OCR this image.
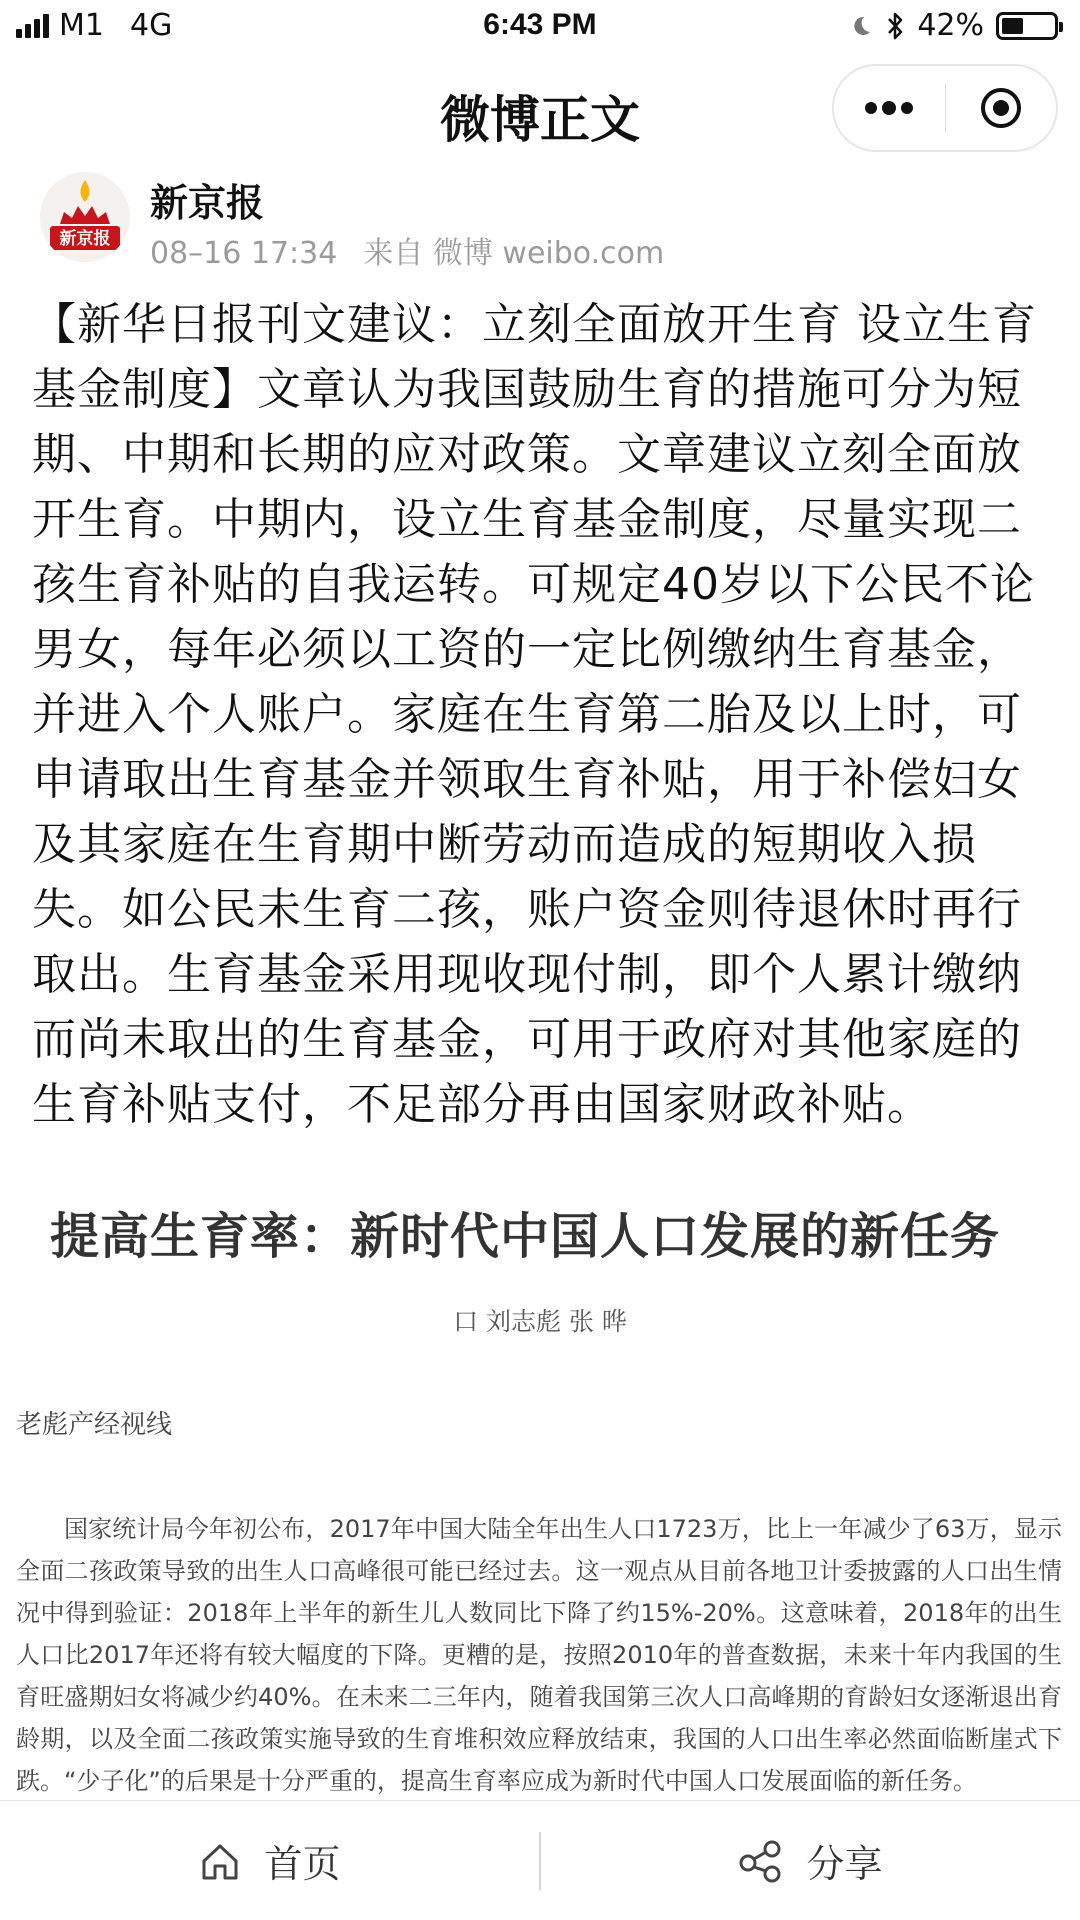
M1 4G	6:43 PM	42%
微博正文
新京报
新京报
08–16 17:34 来自 微博 weibo.com
【新华日报刊文建议：立刻全面放开生育 设立生育基金制度】文章认为我国鼓励生育的措施可分为短期、中期和长期的应对政策。文章建议立刻全面放开生育。中期内，设立生育基金制度，尽量实现二孩生育补贴的自我运转。可规定40岁以下公民不论男女，每年必须以工资的一定比例缴纳生育基金，并进入个人账户。家庭在生育第二胎及以上时，可申请取出生育基金并领取生育补贴，用于补偿妇女及其家庭在生育期中断劳动而造成的短期收入损失。如公民未生育二孩，账户资金则待退休时再行取出。生育基金采用现收现付制，即个人累计缴纳而尚未取出的生育基金，可用于政府对其他家庭的生育补贴支付，不足部分再由国家财政补贴。
提高生育率：新时代中国人口发展的新任务
口 刘志彪 张 晔
老彪产经视线
国家统计局今年初公布，2017年中国大陆全年出生人口1723万，比上一年减少了63万，显示全面二孩政策导致的出生人口高峰很可能已经过去。这一观点从目前各地卫计委披露的人口出生情况中得到验证：2018年上半年的新生儿人数同比下降了约15%-20%。这意味着，2018年的出生人口比2017年还将有较大幅度的下降。更糟的是，按照2010年的普查数据，未来十年内我国的生育旺盛期妇女将减少约40%。在未来二三年内，随着我国第三次人口高峰期的育龄妇女逐渐退出育龄期，以及全面二孩政策实施导致的生育堆积效应释放结束，我国的人口出生率必然面临断崖式下跌。“少子化”的后果是十分严重的，提高生育率应成为新时代中国人口发展面临的新任务。
首页	分享
